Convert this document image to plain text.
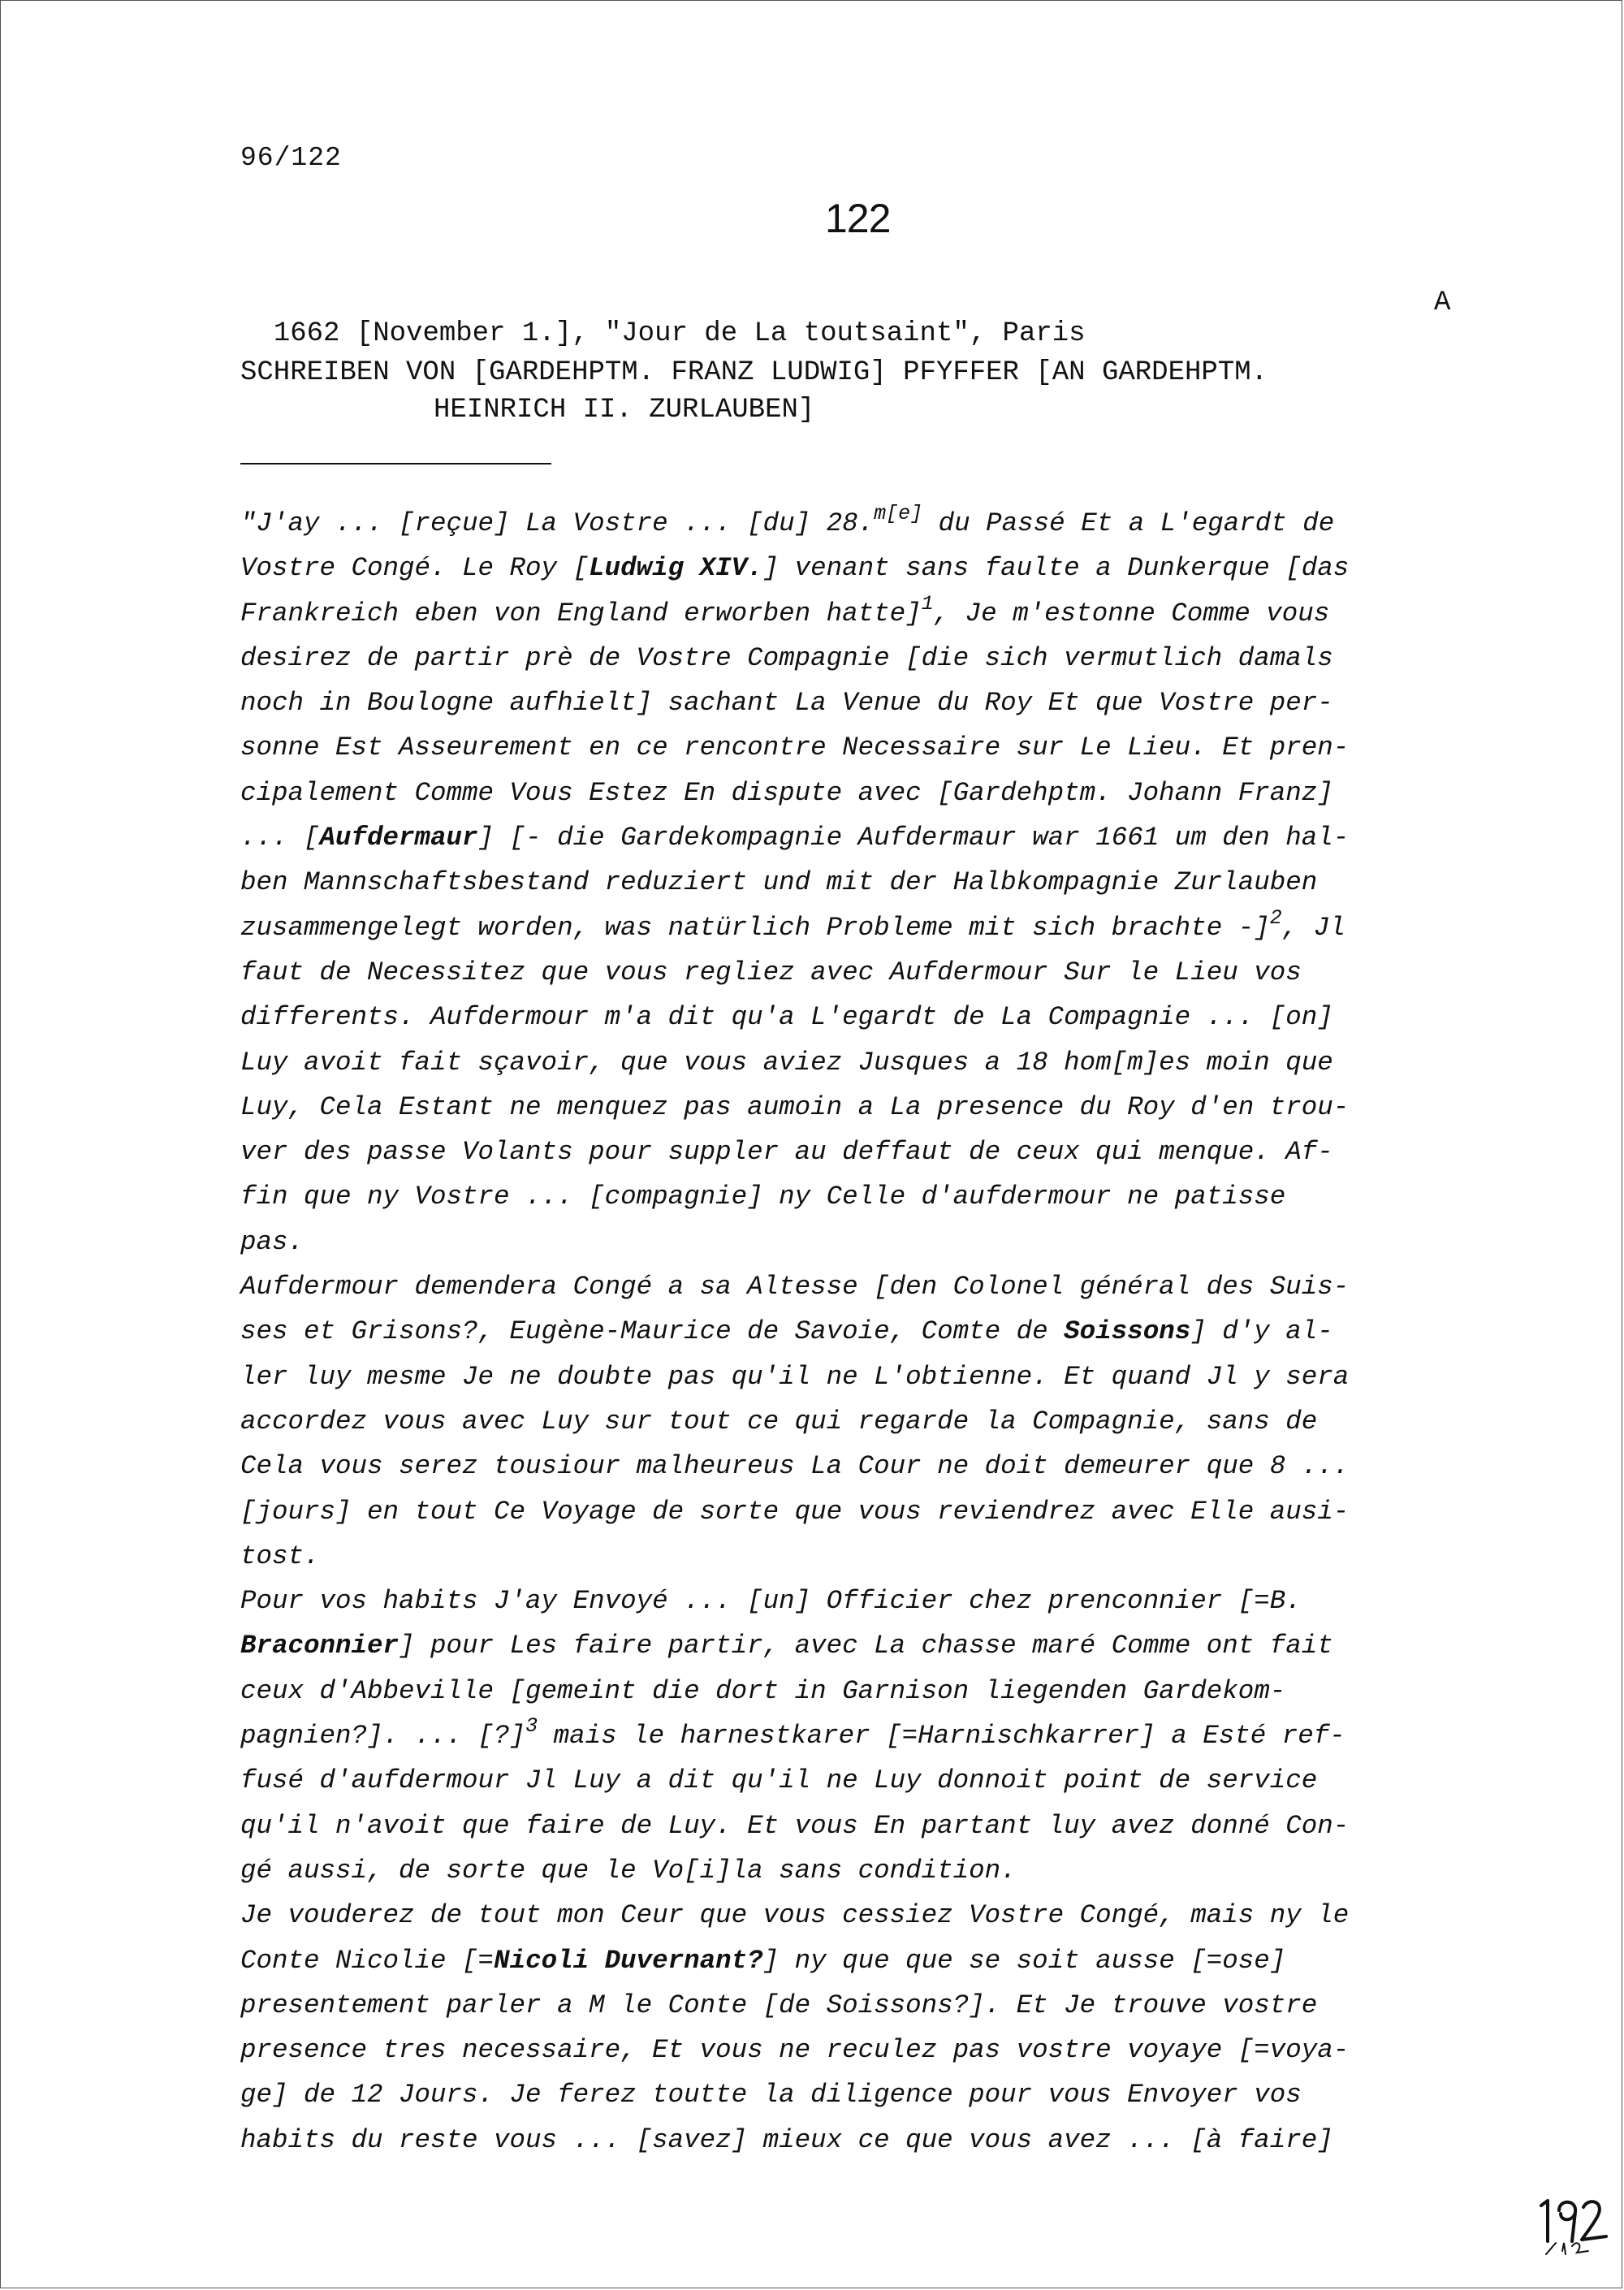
96/122
122

1662 [November 1.], "Jour de La toutsaint", Paris

A

SCHREIBEN VON [GARDEHPTM. FRANZ LUDWIG] PFYFFER [AN GARDEHPTM.
HEINRICH II. ZURLAUBEN]
"J'ay ... [reçue] La Vostre ... [du] 28.$^{m[e]}$ du Passé Et a L'egardt de
Vostre Congé. Le Roy [Ludwig XIV.] venant sans faulte a Dunkerque [das
Frankreich eben von England erworben hatte]$^1$, Je m'estonne Comme vous
desirez de partir prè de Vostre Compagnie [die sich vermutlich damals
noch in Boulogne aufhielt] sachant La Venue du Roy Et que Vostre per-
sonne Est Asseurement en ce rencontre Necessaire sur Le Lieu. Et pren-
cipalement Comme Vous Estez En dispute avec [Gardehptm. Johann Franz]
... [Aufdermaur] [- die Gardekompagnie Aufdermaur war 1661 um den hal-
ben Mannschaftsbestand reduziert und mit der Halbkompagnie Zurlauben
zusammengelegt worden, was natürlich Probleme mit sich brachte -]$^2$, Jl
faut de Necessitez que vous regliez avec Aufdermour Sur le Lieu vos
differents. Aufdermour m'a dit qu'a L'egardt de La Compagnie ... [on]
Luy avoit fait sçavoir, que vous aviez Jusques a 18 hom[m]es moin que
Luy, Cela Estant ne menquez pas aumoin a La presence du Roy d'en trou-
ver des passe Volants pour suppler au deffaut de ceux qui menque. Af-
fin que ny Vostre ... [compagnie] ny Celle d'aufdermour ne patisse
pas.
Aufdermour demendera Congé a sa Altesse [den Colonel général des Suis-
ses et Grisons?, Eugène-Maurice de Savoie, Comte de Soissons] d'y al-
ler luy mesme Je ne doubte pas qu'il ne L'obtienne. Et quand Jl y sera
accordez vous avec Luy sur tout ce qui regarde la Compagnie, sans de
Cela vous serez tousiour malheureus La Cour ne doit demeurer que 8 ...
[jours] en tout Ce Voyage de sorte que vous reviendrez avec Elle ausi-
tost.
Pour vos habits J'ay Envoyé ... [un] Officier chez prenconnier [=B.
Braconnier] pour Les faire partir, avec La chasse maré Comme ont fait
ceux d'Abbeville [gemeint die dort in Garnison liegenden Gardekom-
pagnien?]. ... [?]$^3$ mais le harnestkarer [=Harnischkarrer] a Esté ref-
fusé d'aufdermour Jl Luy a dit qu'il ne Luy donnoit point de service
qu'il n'avoit que faire de Luy. Et vous En partant luy avez donné Con-
gé aussi, de sorte que le Vo[i]la sans condition.
Je vouderez de tout mon Ceur que vous cessiez Vostre Congé, mais ny le
Conte Nicolie [=Nicoli Duvernant?] ny que que se soit ausse [=ose]
presentement parler a M le Conte [de Soissons?]. Et Je trouve vostre
presence tres necessaire, Et vous ne reculez pas vostre voyaye [=voya-
ge] de 12 Jours. Je ferez toutte la diligence pour vous Envoyer vos
habits du reste vous ... [savez] mieux ce que vous avez ... [à faire]
